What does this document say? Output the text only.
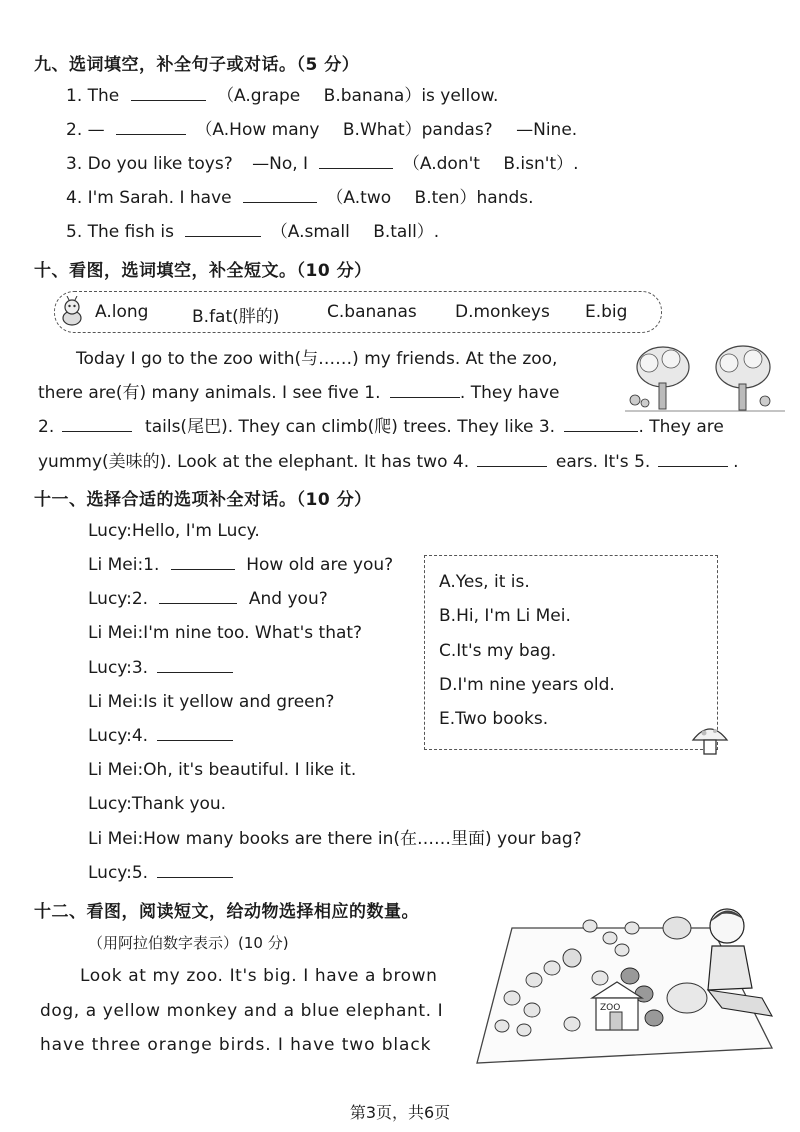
九、选词填空，补全句子或对话。（5 分）
1. The	（A.grape B.banana）is yellow.
2. —	（A.How many B.What）pandas? —Nine.
3. Do you like toys? —No, I	（A.don't B.isn't）.
4. I'm Sarah. I have	（A.two B.ten）hands.
5. The fish is	（A.small B.tall）.
十、看图，选词填空，补全短文。（10 分）
A.long	B.fat(胖的)	C.bananas D.monkeys E.big
Today I go to the zoo with(与……) my friends. At the zoo,
there are(有) many animals. I see five 1.	. They have
2.	tails(尾巴). They can climb(爬) trees. They like 3.	. They are
yummy(美味的). Look at the elephant. It has two 4.	ears. It's 5.	.
十一、选择合适的选项补全对话。（10 分）
Lucy:Hello, I'm Lucy.
Li Mei:1.	How old are you?
Lucy:2.	And you?
Li Mei:I'm nine too. What's that?
Lucy:3.
Li Mei:Is it yellow and green?
Lucy:4.
Li Mei:Oh, it's beautiful. I like it.
Lucy:Thank you.
Li Mei:How many books are there in(在……里面) your bag?
Lucy:5.
A.Yes, it is.
B.Hi, I'm Li Mei.
C.It's my bag.
D.I'm nine years old.
E.Two books.
十二、看图，阅读短文，给动物选择相应的数量。
（用阿拉伯数字表示）(10 分)
Look at my zoo. It's big. I have a brown
dog, a yellow monkey and a blue elephant. I
have three orange birds. I have two black
ZOO
第3页，共6页
